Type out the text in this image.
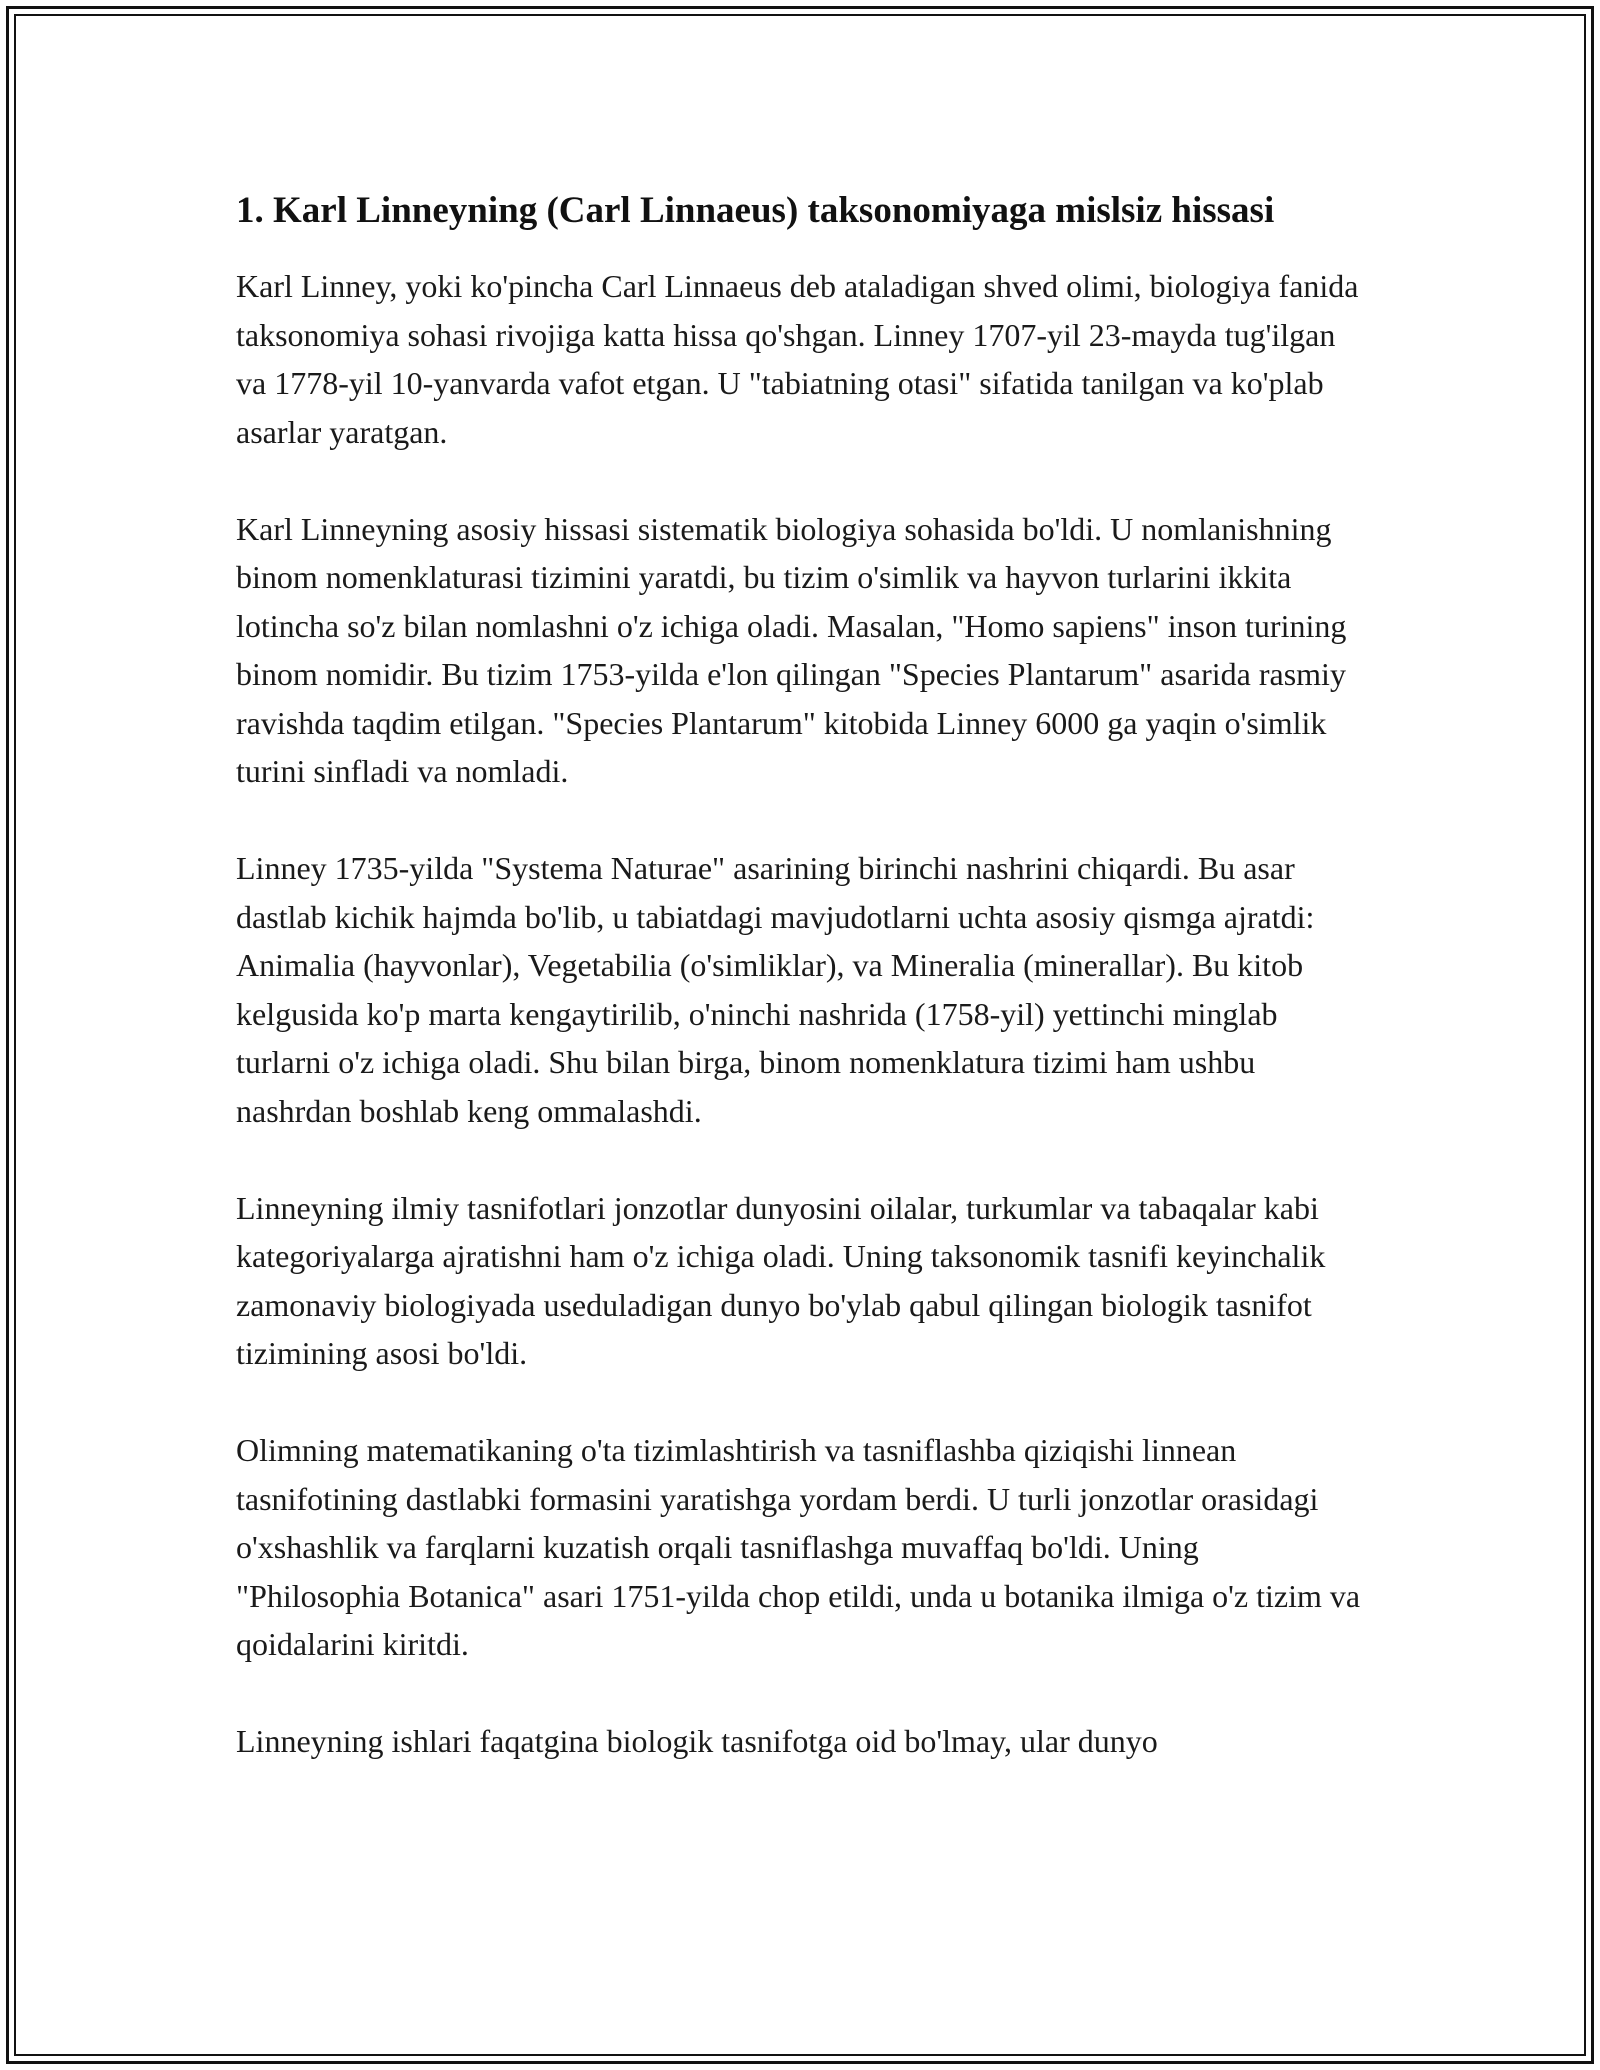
1. Karl Linneyning (Carl Linnaeus) taksonomiyaga mislsiz hissasi

Karl Linney, yoki ko'pincha Carl Linnaeus deb ataladigan shved olimi, biologiya fanida taksonomiya sohasi rivojiga katta hissa qo'shgan. Linney 1707-yil 23-mayda tug'ilgan va 1778-yil 10-yanvarda vafot etgan. U "tabiatning otasi" sifatida tanilgan va ko'plab asarlar yaratgan.

Karl Linneyning asosiy hissasi sistematik biologiya sohasida bo'ldi. U nomlanishning binom nomenklaturasi tizimini yaratdi, bu tizim o'simlik va hayvon turlarini ikkita lotincha so'z bilan nomlashni o'z ichiga oladi. Masalan, "Homo sapiens" inson turining binom nomidir. Bu tizim 1753-yilda e'lon qilingan "Species Plantarum" asarida rasmiy ravishda taqdim etilgan. "Species Plantarum" kitobida Linney 6000 ga yaqin o'simlik turini sinfladi va nomladi.

Linney 1735-yilda "Systema Naturae" asarining birinchi nashrini chiqardi. Bu asar dastlab kichik hajmda bo'lib, u tabiatdagi mavjudotlarni uchta asosiy qismga ajratdi: Animalia (hayvonlar), Vegetabilia (o'simliklar), va Mineralia (minerallar). Bu kitob kelgusida ko'p marta kengaytirilib, o'ninchi nashrida (1758-yil) yettinchi minglab turlarni o'z ichiga oladi. Shu bilan birga, binom nomenklatura tizimi ham ushbu nashrdan boshlab keng ommalashdi.

Linneyning ilmiy tasnifotlari jonzotlar dunyosini oilalar, turkumlar va tabaqalar kabi kategoriyalarga ajratishni ham o'z ichiga oladi. Uning taksonomik tasnifi keyinchalik zamonaviy biologiyada useduladigan dunyo bo'ylab qabul qilingan biologik tasnifot tizimining asosi bo'ldi.

Olimning matematikaning o'ta tizimlashtirish va tasniflashba qiziqishi linnean tasnifotining dastlabki formasini yaratishga yordam berdi. U turli jonzotlar orasidagi o'xshashlik va farqlarni kuzatish orqali tasniflashga muvaffaq bo'ldi. Uning "Philosophia Botanica" asari 1751-yilda chop etildi, unda u botanika ilmiga o'z tizim va qoidalarini kiritdi.

Linneyning ishlari faqatgina biologik tasnifotga oid bo'lmay, ular dunyo
